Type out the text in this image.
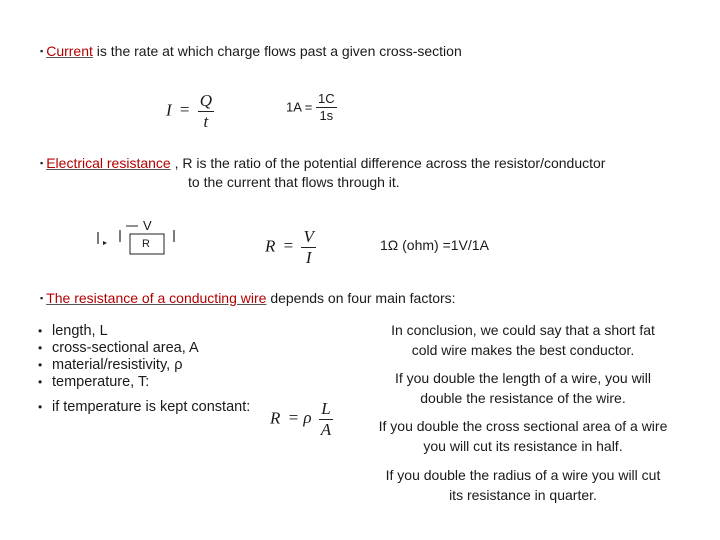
▪ Current is the rate at which charge flows past a given cross-section
$I = \frac{Q}{t}$	$1A = \frac{1C}{1s}$
▪ Electrical resistance , R is the ratio of the potential difference across the resistor/conductor
to the current that flows through it.
V
R	$R = \frac{V}{I}$	1Ω (ohm) =1V/1A
▪ The resistance of a conducting wire depends on four main factors:
• length, L
• cross-sectional area, A
• material/resistivity, ρ
• temperature, T:
• if temperature is kept constant:
R = ρ $\frac{L}{A}$
In conclusion, we could say that a short fat cold wire makes the best conductor.
If you double the length of a wire, you will double the resistance of the wire.
If you double the cross sectional area of a wire you will cut its resistance in half.
If you double the radius of a wire you will cut its resistance in quarter.
